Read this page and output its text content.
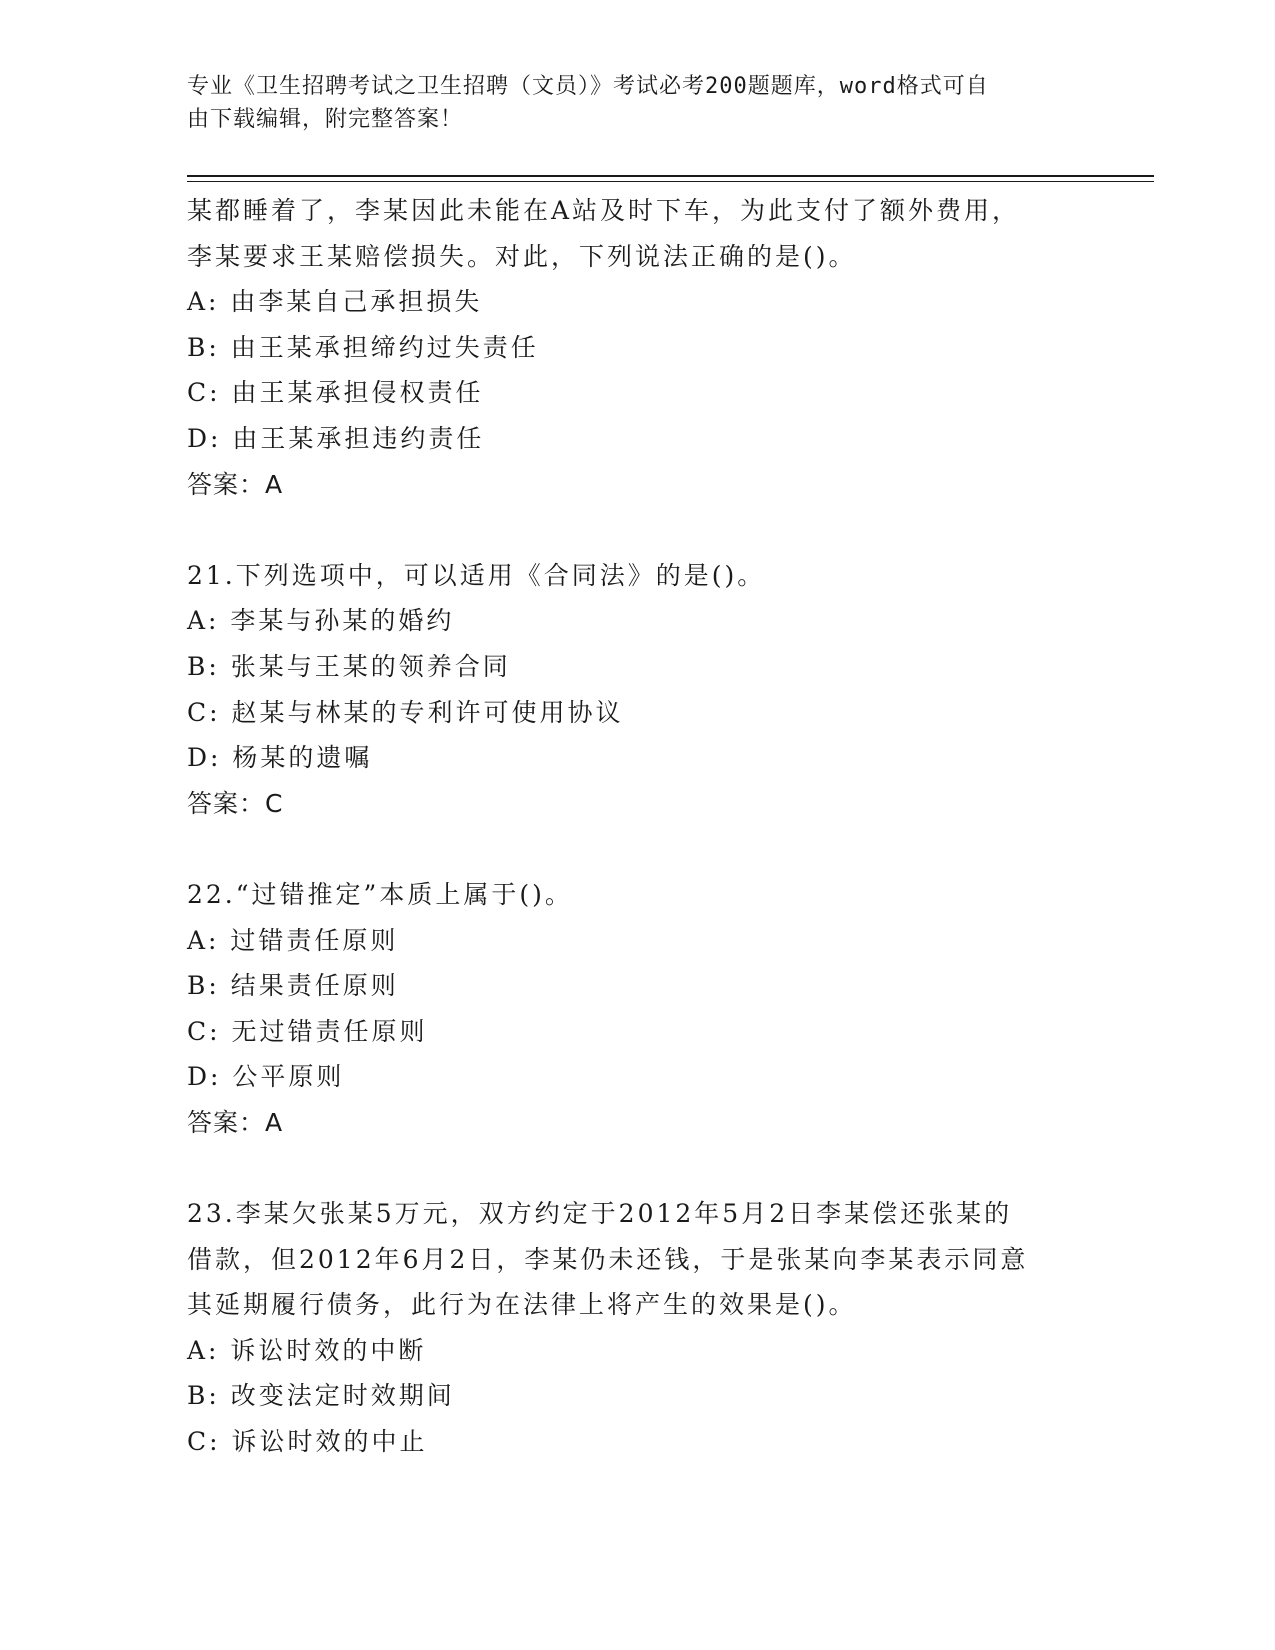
专业《卫生招聘考试之卫生招聘（文员）》考试必考200题题库，word格式可自
由下载编辑，附完整答案！
某都睡着了，李某因此未能在A站及时下车，为此支付了额外费用，
李某要求王某赔偿损失。对此，下列说法正确的是()。
A: 由李某自己承担损失
B: 由王某承担缔约过失责任
C: 由王某承担侵权责任
D: 由王某承担违约责任
答案：A
21.下列选项中，可以适用《合同法》的是()。
A: 李某与孙某的婚约
B: 张某与王某的领养合同
C: 赵某与林某的专利许可使用协议
D: 杨某的遗嘱
答案：C
22.“过错推定”本质上属于()。
A: 过错责任原则
B: 结果责任原则
C: 无过错责任原则
D: 公平原则
答案：A
23.李某欠张某5万元，双方约定于2012年5月2日李某偿还张某的
借款，但2012年6月2日，李某仍未还钱，于是张某向李某表示同意
其延期履行债务，此行为在法律上将产生的效果是()。
A: 诉讼时效的中断
B: 改变法定时效期间
C: 诉讼时效的中止
